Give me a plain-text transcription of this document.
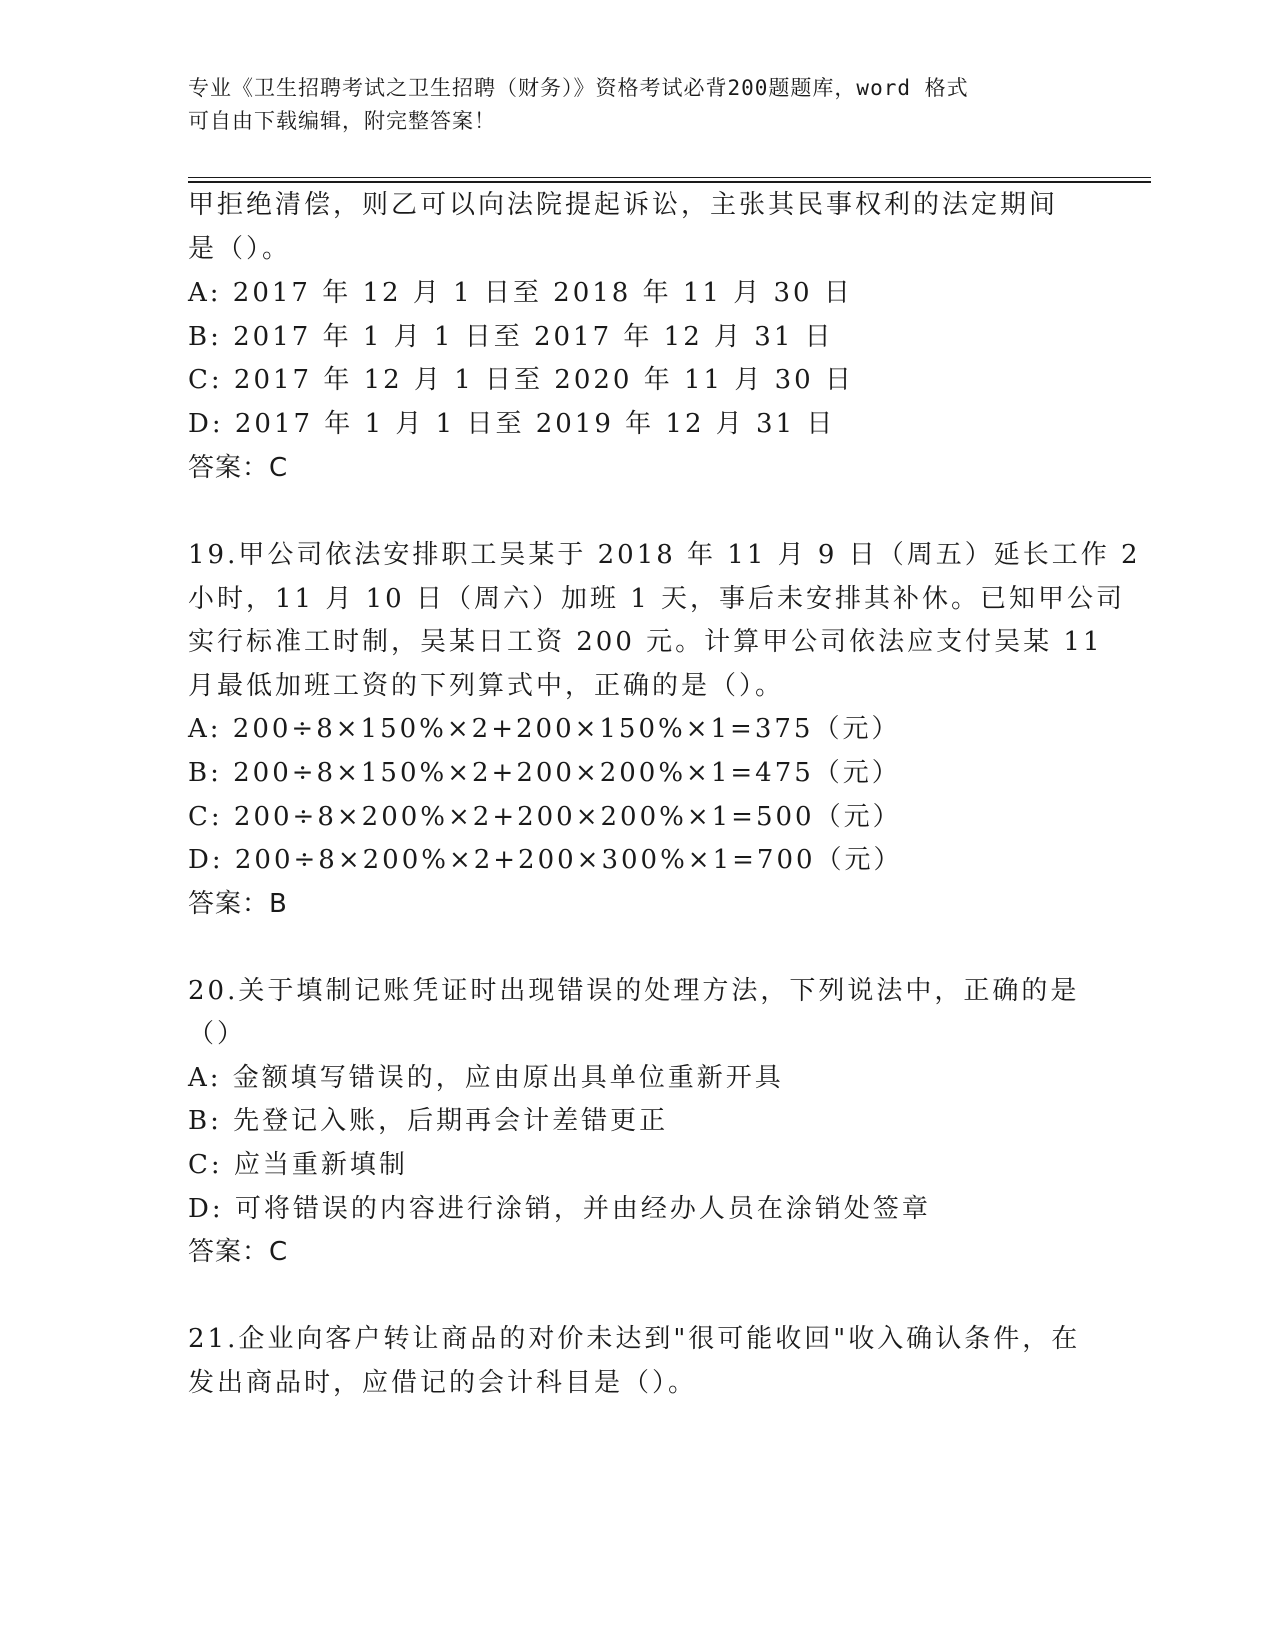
专业《卫生招聘考试之卫生招聘（财务）》资格考试必背200题题库，word 格式
可自由下载编辑，附完整答案！
甲拒绝清偿，则乙可以向法院提起诉讼，主张其民事权利的法定期间
是（）。
A: 2017 年 12 月 1 日至 2018 年 11 月 30 日
B: 2017 年 1 月 1 日至 2017 年 12 月 31 日
C: 2017 年 12 月 1 日至 2020 年 11 月 30 日
D: 2017 年 1 月 1 日至 2019 年 12 月 31 日
答案：C
19.甲公司依法安排职工吴某于 2018 年 11 月 9 日（周五）延长工作 2
小时，11 月 10 日（周六）加班 1 天，事后未安排其补休。已知甲公司
实行标准工时制，吴某日工资 200 元。计算甲公司依法应支付吴某 11
月最低加班工资的下列算式中，正确的是（）。
A: 200÷8×150%×2+200×150%×1=375（元）
B: 200÷8×150%×2+200×200%×1=475（元）
C: 200÷8×200%×2+200×200%×1=500（元）
D: 200÷8×200%×2+200×300%×1=700（元）
答案：B
20.关于填制记账凭证时出现错误的处理方法，下列说法中，正确的是
（）
A: 金额填写错误的，应由原出具单位重新开具
B: 先登记入账，后期再会计差错更正
C: 应当重新填制
D: 可将错误的内容进行涂销，并由经办人员在涂销处签章
答案：C
21.企业向客户转让商品的对价未达到"很可能收回"收入确认条件，在
发出商品时，应借记的会计科目是（）。
